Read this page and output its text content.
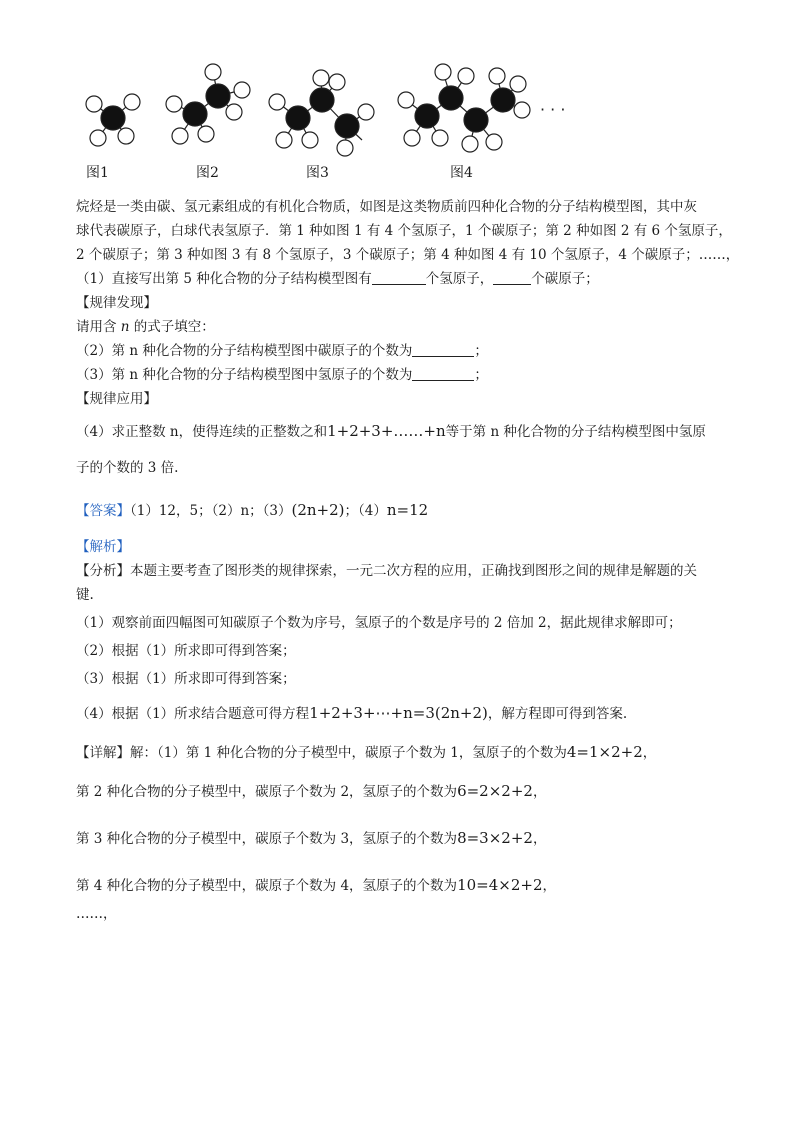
· · ·
图1	图2	图3	图4
烷烃是一类由碳、氢元素组成的有机化合物质，如图是这类物质前四种化合物的分子结构模型图，其中灰
球代表碳原子，白球代表氢原子．第 1 种如图 1 有 4 个氢原子，1 个碳原子；第 2 种如图 2 有 6 个氢原子，
2 个碳原子；第 3 种如图 3 有 8 个氢原子，3 个碳原子；第 4 种如图 4 有 10 个氢原子，4 个碳原子；……，
（1）直接写出第 5 种化合物的分子结构模型图有	个氢原子，	个碳原子；
【规律发现】
请用含 n 的式子填空：
（2）第 n 种化合物的分子结构模型图中碳原子的个数为	；
（3）第 n 种化合物的分子结构模型图中氢原子的个数为	；
【规律应用】
（4）求正整数 n，使得连续的正整数之和1+2+3+……+n等于第 n 种化合物的分子结构模型图中氢原
子的个数的 3 倍.
【答案】（1）12，5；（2）n；（3）(2n+2)；（4）n=12
【解析】
【分析】本题主要考查了图形类的规律探索，一元二次方程的应用，正确找到图形之间的规律是解题的关
键.
（1）观察前面四幅图可知碳原子个数为序号，氢原子的个数是序号的 2 倍加 2，据此规律求解即可；
（2）根据（1）所求即可得到答案；
（3）根据（1）所求即可得到答案；
（4）根据（1）所求结合题意可得方程1+2+3+⋯+n=3(2n+2)，解方程即可得到答案.
【详解】解：（1）第 1 种化合物的分子模型中，碳原子个数为 1，氢原子的个数为4=1×2+2，
第 2 种化合物的分子模型中，碳原子个数为 2，氢原子的个数为6=2×2+2，
第 3 种化合物的分子模型中，碳原子个数为 3，氢原子的个数为8=3×2+2，
第 4 种化合物的分子模型中，碳原子个数为 4，氢原子的个数为10=4×2+2，
……，
